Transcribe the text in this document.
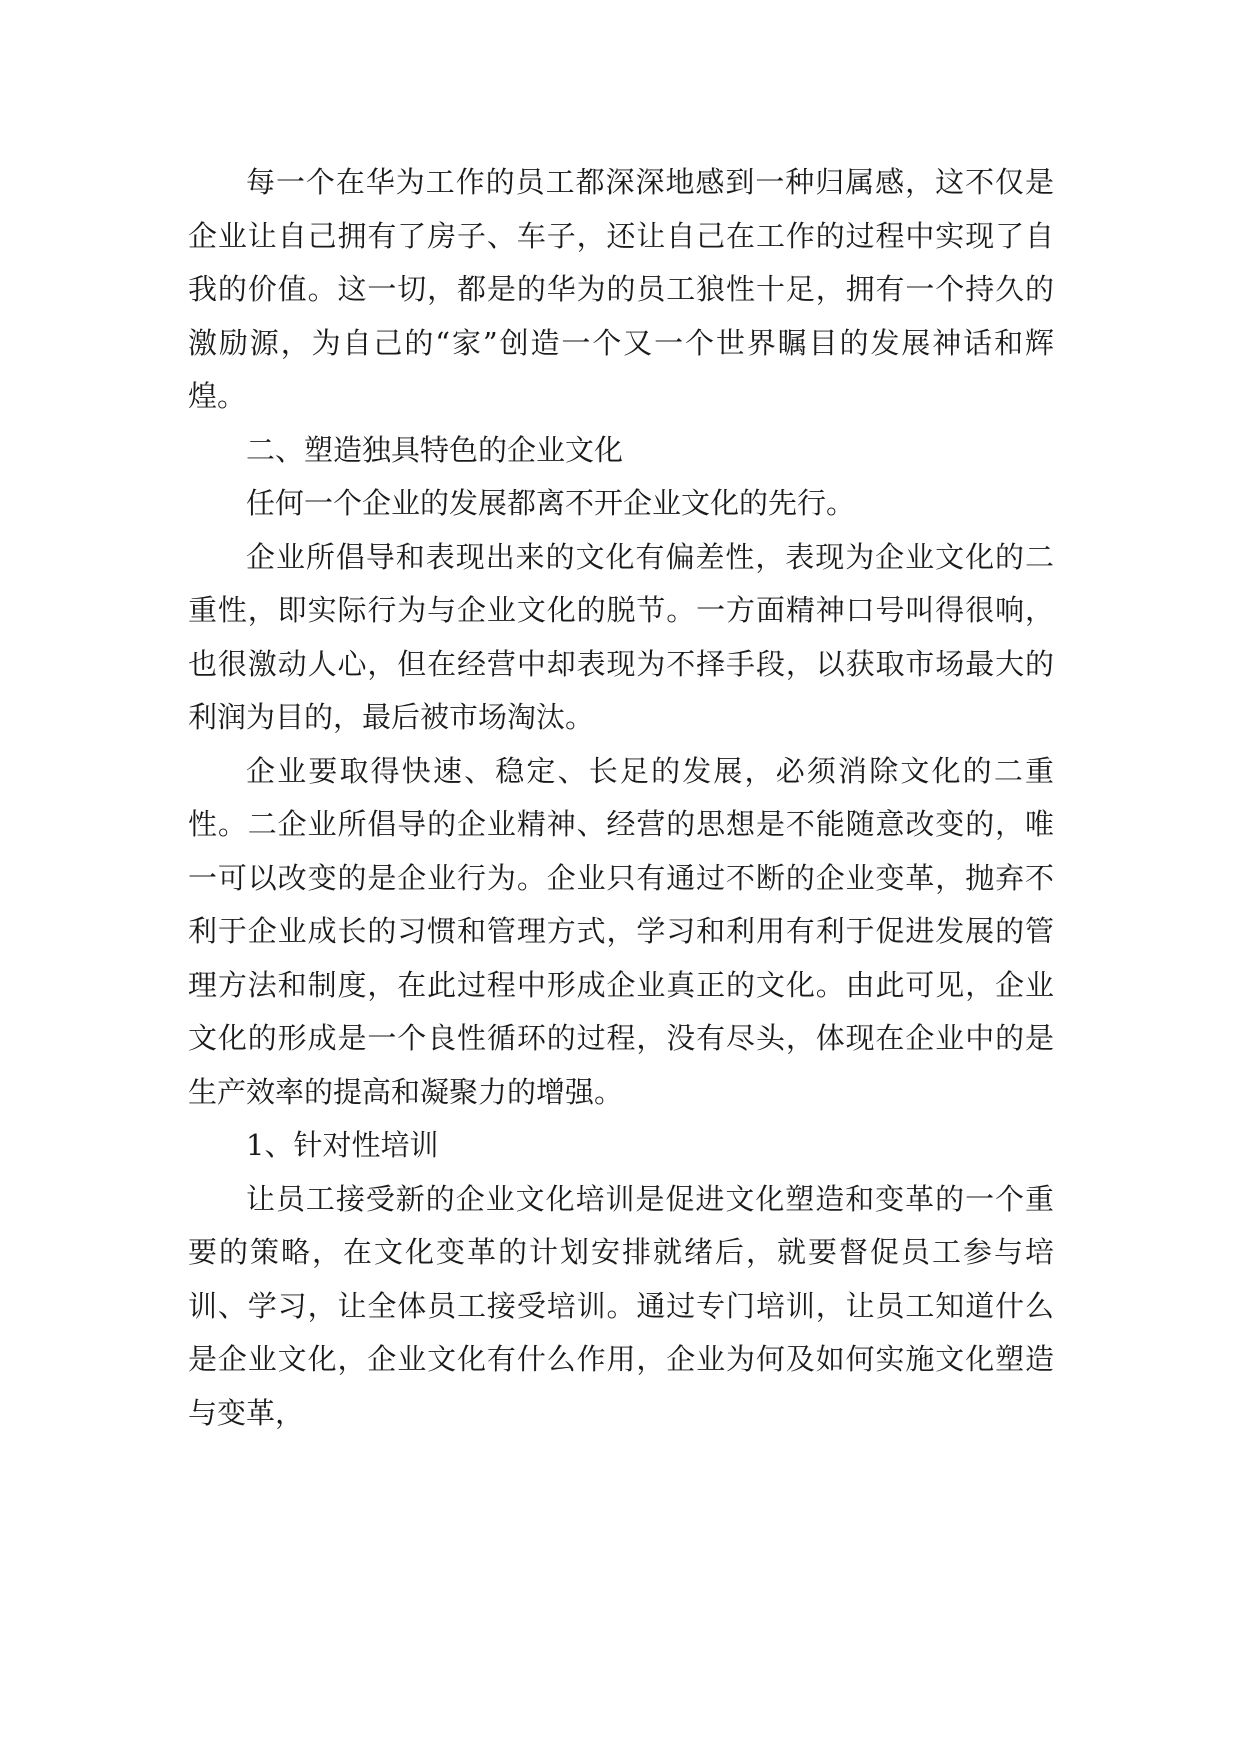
每一个在华为工作的员工都深深地感到一种归属感，这不仅是企业让自己拥有了房子、车子，还让自己在工作的过程中实现了自我的价值。这一切，都是的华为的员工狼性十足，拥有一个持久的激励源，为自己的“家”创造一个又一个世界瞩目的发展神话和辉煌。

二、塑造独具特色的企业文化

任何一个企业的发展都离不开企业文化的先行。

企业所倡导和表现出来的文化有偏差性，表现为企业文化的二重性，即实际行为与企业文化的脱节。一方面精神口号叫得很响，也很激动人心，但在经营中却表现为不择手段，以获取市场最大的利润为目的，最后被市场淘汰。

企业要取得快速、稳定、长足的发展，必须消除文化的二重性。二企业所倡导的企业精神、经营的思想是不能随意改变的，唯一可以改变的是企业行为。企业只有通过不断的企业变革，抛弃不利于企业成长的习惯和管理方式，学习和利用有利于促进发展的管理方法和制度，在此过程中形成企业真正的文化。由此可见，企业文化的形成是一个良性循环的过程，没有尽头，体现在企业中的是生产效率的提高和凝聚力的增强。

1、针对性培训

让员工接受新的企业文化培训是促进文化塑造和变革的一个重要的策略，在文化变革的计划安排就绪后，就要督促员工参与培训、学习，让全体员工接受培训。通过专门培训，让员工知道什么是企业文化，企业文化有什么作用，企业为何及如何实施文化塑造与变革，
